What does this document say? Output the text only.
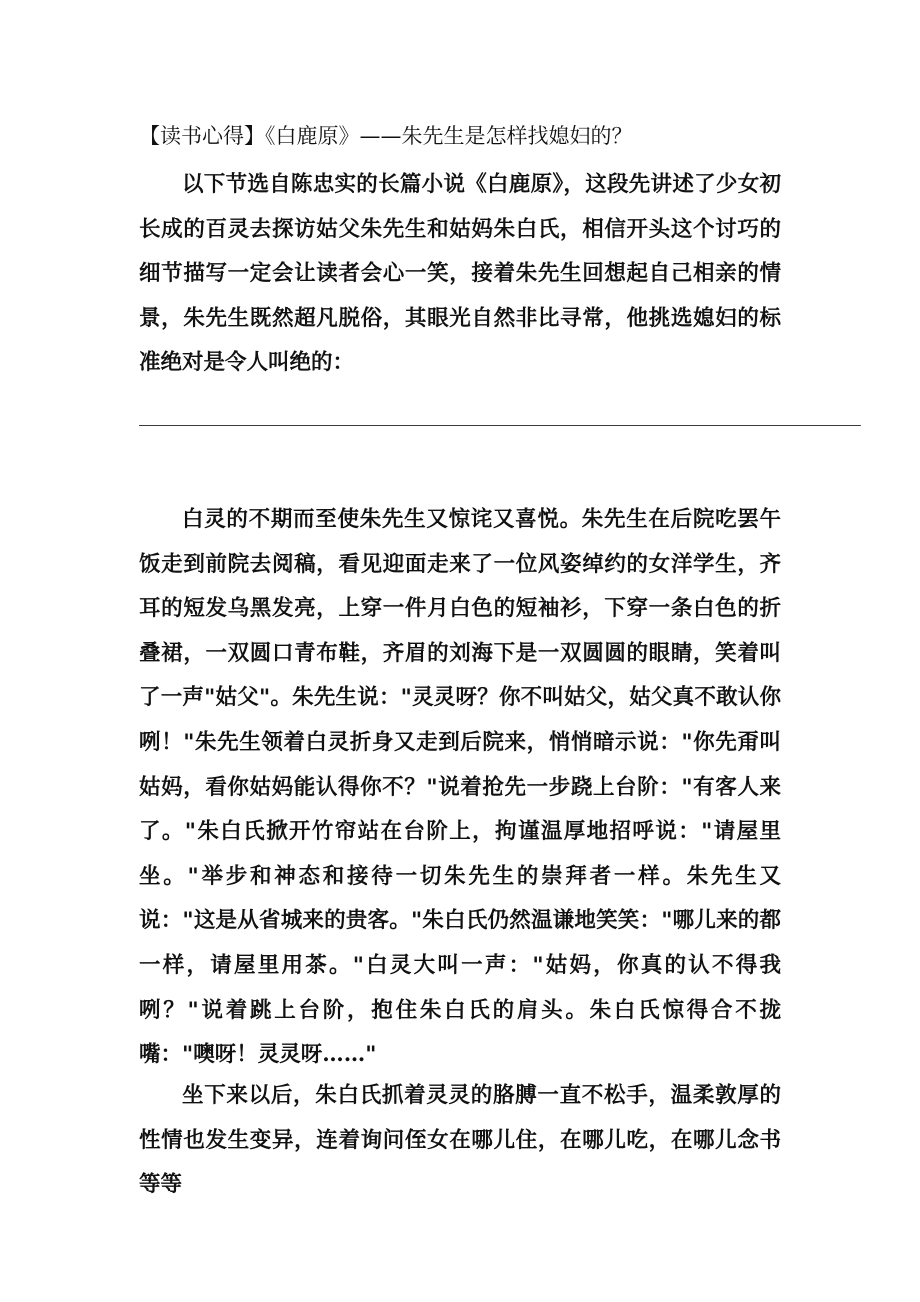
【读书心得】《白鹿原》——朱先生是怎样找媳妇的？

以下节选自陈忠实的长篇小说《白鹿原》，这段先讲述了少女初长成的百灵去探访姑父朱先生和姑妈朱白氏，相信开头这个讨巧的细节描写一定会让读者会心一笑，接着朱先生回想起自己相亲的情景，朱先生既然超凡脱俗，其眼光自然非比寻常，他挑选媳妇的标准绝对是令人叫绝的：

__________________________________________________________

白灵的不期而至使朱先生又惊诧又喜悦。朱先生在后院吃罢午饭走到前院去阅稿，看见迎面走来了一位风姿绰约的女洋学生，齐耳的短发乌黑发亮，上穿一件月白色的短袖衫，下穿一条白色的折叠裙，一双圆口青布鞋，齐眉的刘海下是一双圆圆的眼睛，笑着叫了一声"姑父"。朱先生说："灵灵呀？你不叫姑父，姑父真不敢认你咧！"朱先生领着白灵折身又走到后院来，悄悄暗示说："你先甭叫姑妈，看你姑妈能认得你不？"说着抢先一步跷上台阶："有客人来了。"朱白氏掀开竹帘站在台阶上，拘谨温厚地招呼说："请屋里坐。"举步和神态和接待一切朱先生的崇拜者一样。朱先生又说："这是从省城来的贵客。"朱白氏仍然温谦地笑笑："哪儿来的都一样，请屋里用茶。"白灵大叫一声："姑妈，你真的认不得我咧？"说着跳上台阶，抱住朱白氏的肩头。朱白氏惊得合不拢嘴："噢呀！灵灵呀……"

坐下来以后，朱白氏抓着灵灵的胳膊一直不松手，温柔敦厚的性情也发生变异，连着询问侄女在哪儿住，在哪儿吃，在哪儿念书等等
